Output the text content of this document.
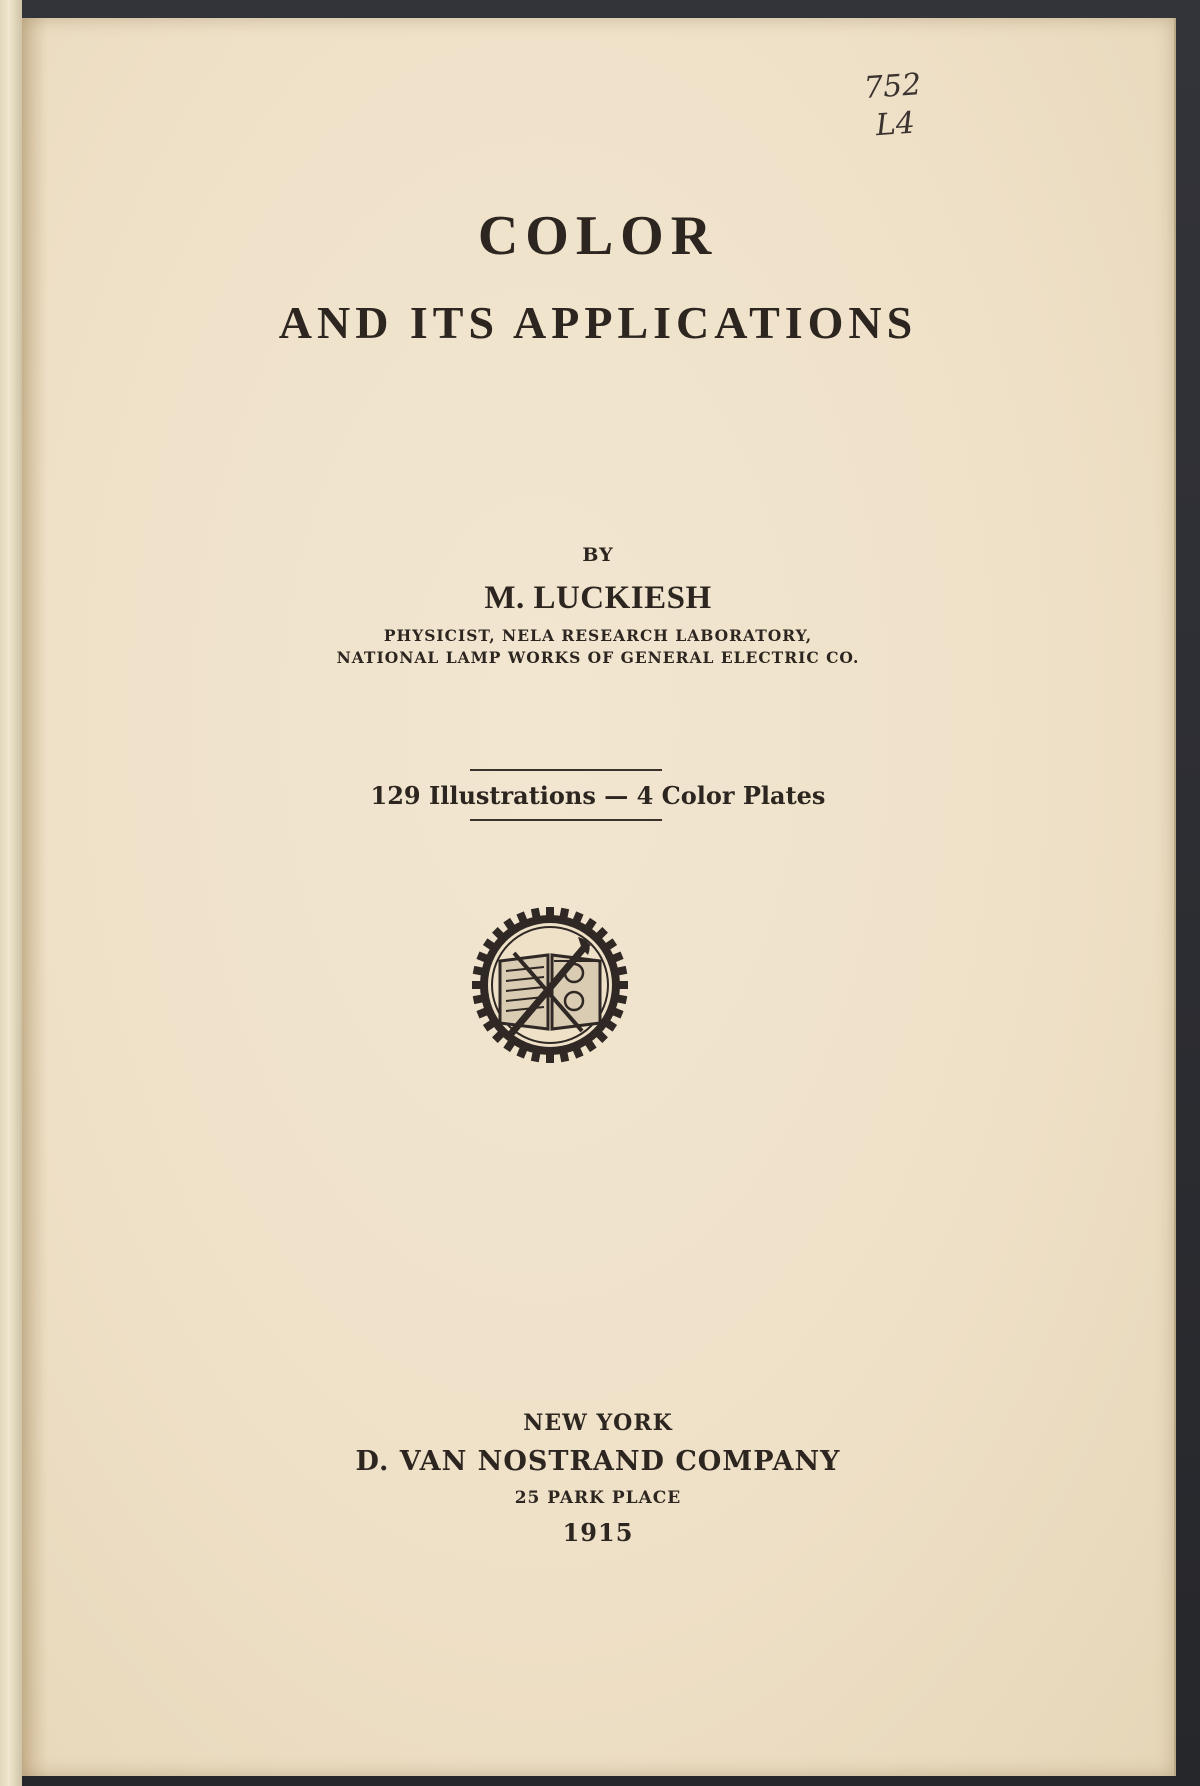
752
L4
COLOR
AND ITS APPLICATIONS
BY
M. LUCKIESH
PHYSICIST, NELA RESEARCH LABORATORY,
NATIONAL LAMP WORKS OF GENERAL ELECTRIC CO.
129 Illustrations — 4 Color Plates
NEW YORK
D. VAN NOSTRAND COMPANY
25 PARK PLACE
1915
